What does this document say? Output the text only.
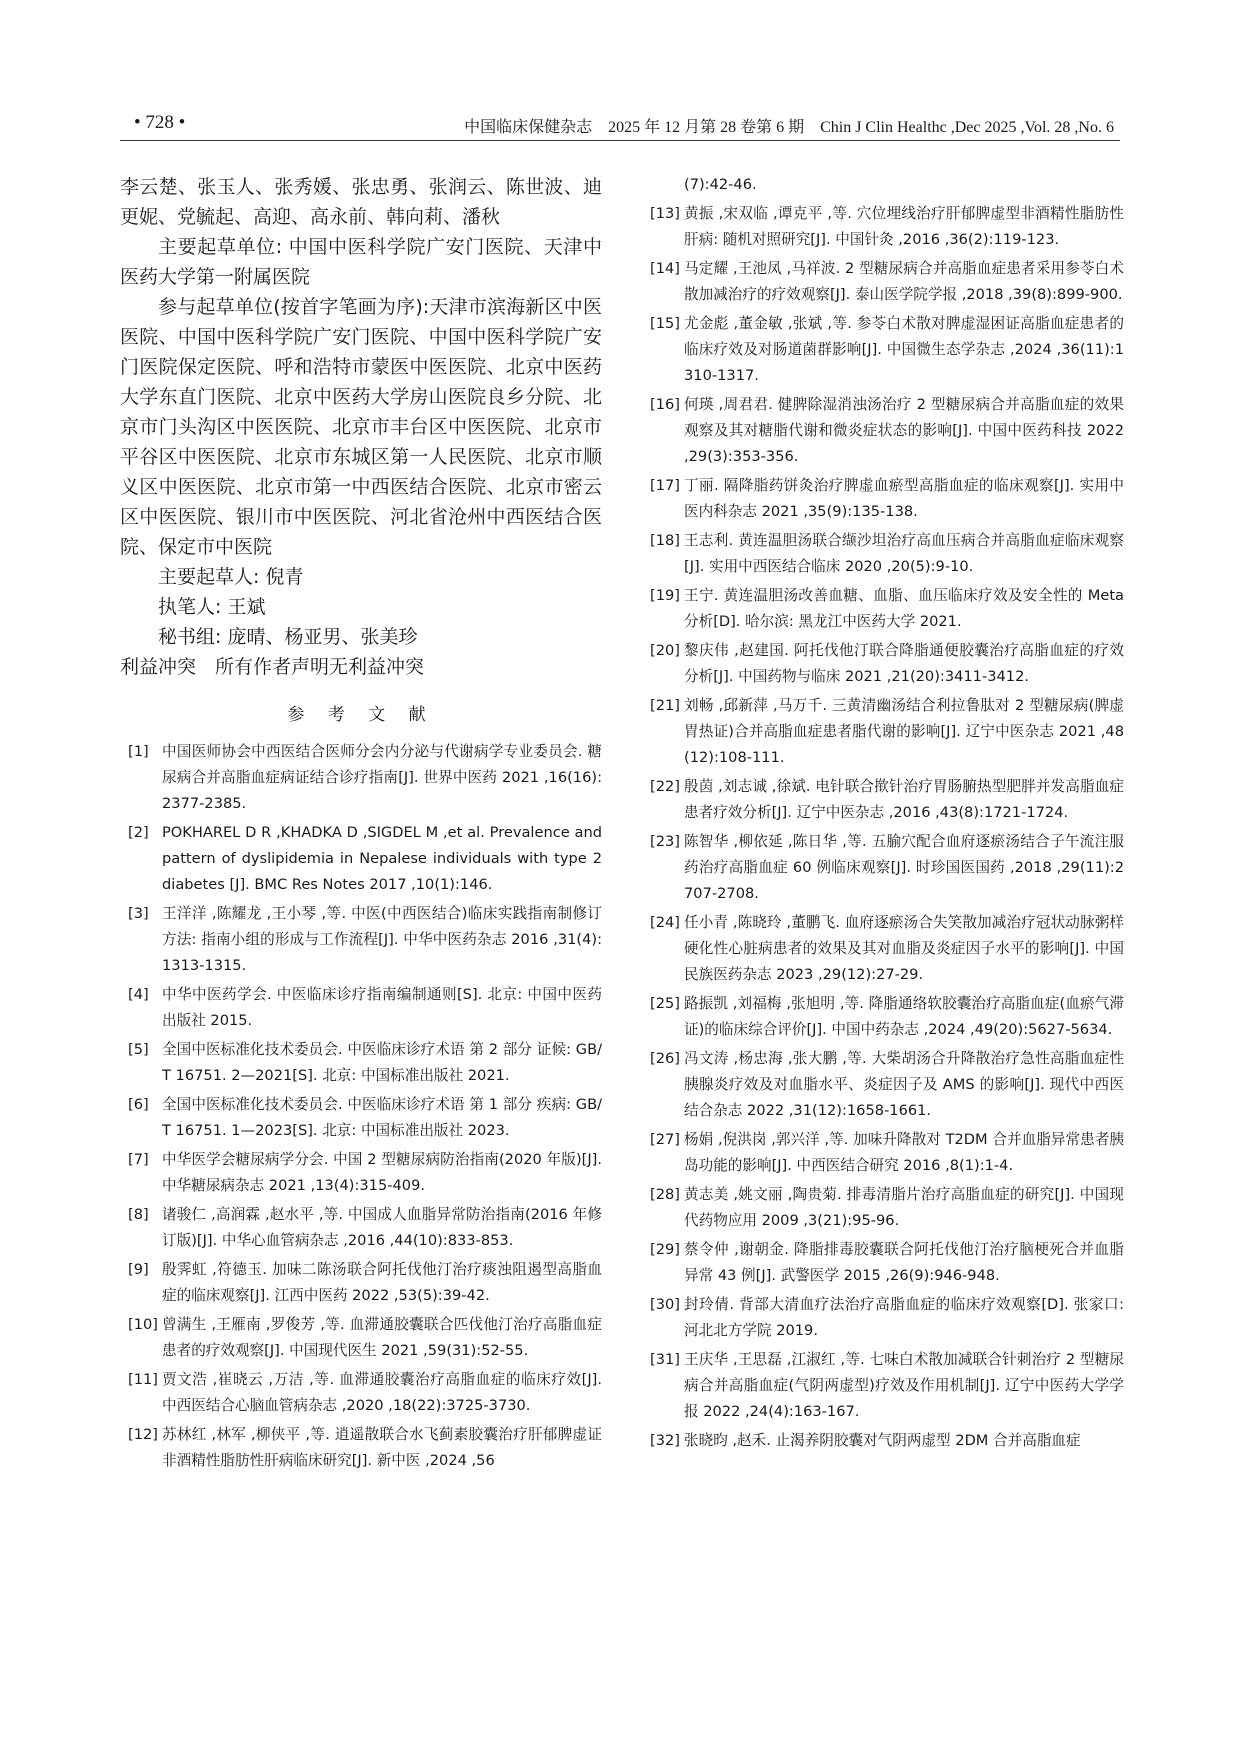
• 728 •	中国临床保健杂志　2025 年 12 月第 28 卷第 6 期　Chin J Clin Healthc ,Dec 2025 ,Vol. 28 ,No. 6

李云楚、张玉人、张秀媛、张忠勇、张润云、陈世波、迪更妮、党毓起、高迎、高永前、韩向莉、潘秋

主要起草单位: 中国中医科学院广安门医院、天津中医药大学第一附属医院

参与起草单位(按首字笔画为序):天津市滨海新区中医医院、中国中医科学院广安门医院、中国中医科学院广安门医院保定医院、呼和浩特市蒙医中医医院、北京中医药大学东直门医院、北京中医药大学房山医院良乡分院、北京市门头沟区中医医院、北京市丰台区中医医院、北京市平谷区中医医院、北京市东城区第一人民医院、北京市顺义区中医医院、北京市第一中西医结合医院、北京市密云区中医医院、银川市中医医院、河北省沧州中西医结合医院、保定市中医院

主要起草人: 倪青

执笔人: 王斌

秘书组: 庞晴、杨亚男、张美珍

利益冲突　所有作者声明无利益冲突

参 考 文 献
[1] 中国医师协会中西医结合医师分会内分泌与代谢病学专业委员会. 糖尿病合并高脂血症病证结合诊疗指南[J]. 世界中医药 2021 ,16(16):2377-2385.
[2] POKHAREL D R ,KHADKA D ,SIGDEL M ,et al. Prevalence and pattern of dyslipidemia in Nepalese individuals with type 2 diabetes [J]. BMC Res Notes 2017 ,10(1):146.
[3] 王洋洋 ,陈耀龙 ,王小琴 ,等. 中医(中西医结合)临床实践指南制修订方法: 指南小组的形成与工作流程[J]. 中华中医药杂志 2016 ,31(4):1313-1315.
[4] 中华中医药学会. 中医临床诊疗指南编制通则[S]. 北京: 中国中医药出版社 2015.
[5] 全国中医标准化技术委员会. 中医临床诊疗术语 第 2 部分 证候: GB/T 16751. 2—2021[S]. 北京: 中国标准出版社 2021.
[6] 全国中医标准化技术委员会. 中医临床诊疗术语 第 1 部分 疾病: GB/T 16751. 1—2023[S]. 北京: 中国标准出版社 2023.
[7] 中华医学会糖尿病学分会. 中国 2 型糖尿病防治指南(2020 年版)[J]. 中华糖尿病杂志 2021 ,13(4):315-409.
[8] 诸骏仁 ,高润霖 ,赵水平 ,等. 中国成人血脂异常防治指南(2016 年修订版)[J]. 中华心血管病杂志 ,2016 ,44(10):833-853.
[9] 殷霁虹 ,符德玉. 加味二陈汤联合阿托伐他汀治疗痰浊阻遏型高脂血症的临床观察[J]. 江西中医药 2022 ,53(5):39-42.
[10] 曾满生 ,王雁南 ,罗俊芳 ,等. 血滞通胶囊联合匹伐他汀治疗高脂血症患者的疗效观察[J]. 中国现代医生 2021 ,59(31):52-55.
[11] 贾文浩 ,崔晓云 ,万洁 ,等. 血滞通胶囊治疗高脂血症的临床疗效[J]. 中西医结合心脑血管病杂志 ,2020 ,18(22):3725-3730.
[12] 苏林红 ,林军 ,柳侠平 ,等. 逍遥散联合水飞蓟素胶囊治疗肝郁脾虚证非酒精性脂肪性肝病临床研究[J]. 新中医 ,2024 ,56
(7):42-46.
[13] 黄振 ,宋双临 ,谭克平 ,等. 穴位埋线治疗肝郁脾虚型非酒精性脂肪性肝病: 随机对照研究[J]. 中国针灸 ,2016 ,36(2):119-123.
[14] 马定耀 ,王池凤 ,马祥波. 2 型糖尿病合并高脂血症患者采用参苓白术散加减治疗的疗效观察[J]. 泰山医学院学报 ,2018 ,39(8):899-900.
[15] 尤金彪 ,董金敏 ,张斌 ,等. 参苓白术散对脾虚湿困证高脂血症患者的临床疗效及对肠道菌群影响[J]. 中国微生态学杂志 ,2024 ,36(11):1310-1317.
[16] 何瑛 ,周君君. 健脾除湿消浊汤治疗 2 型糖尿病合并高脂血症的效果观察及其对糖脂代谢和微炎症状态的影响[J]. 中国中医药科技 2022 ,29(3):353-356.
[17] 丁丽. 隔降脂药饼灸治疗脾虚血瘀型高脂血症的临床观察[J]. 实用中医内科杂志 2021 ,35(9):135-138.
[18] 王志利. 黄连温胆汤联合缬沙坦治疗高血压病合并高脂血症临床观察[J]. 实用中西医结合临床 2020 ,20(5):9-10.
[19] 王宁. 黄连温胆汤改善血糖、血脂、血压临床疗效及安全性的 Meta 分析[D]. 哈尔滨: 黑龙江中医药大学 2021.
[20] 黎庆伟 ,赵建国. 阿托伐他汀联合降脂通便胶囊治疗高脂血症的疗效分析[J]. 中国药物与临床 2021 ,21(20):3411-3412.
[21] 刘畅 ,邱新萍 ,马万千. 三黄清幽汤结合利拉鲁肽对 2 型糖尿病(脾虚胃热证)合并高脂血症患者脂代谢的影响[J]. 辽宁中医杂志 2021 ,48(12):108-111.
[22] 殷茵 ,刘志诚 ,徐斌. 电针联合揿针治疗胃肠腑热型肥胖并发高脂血症患者疗效分析[J]. 辽宁中医杂志 ,2016 ,43(8):1721-1724.
[23] 陈智华 ,柳依延 ,陈日华 ,等. 五腧穴配合血府逐瘀汤结合子午流注服药治疗高脂血症 60 例临床观察[J]. 时珍国医国药 ,2018 ,29(11):2707-2708.
[24] 任小青 ,陈晓玲 ,董鹏飞. 血府逐瘀汤合失笑散加减治疗冠状动脉粥样硬化性心脏病患者的效果及其对血脂及炎症因子水平的影响[J]. 中国民族医药杂志 2023 ,29(12):27-29.
[25] 路振凯 ,刘福梅 ,张旭明 ,等. 降脂通络软胶囊治疗高脂血症(血瘀气滞证)的临床综合评价[J]. 中国中药杂志 ,2024 ,49(20):5627-5634.
[26] 冯文涛 ,杨忠海 ,张大鹏 ,等. 大柴胡汤合升降散治疗急性高脂血症性胰腺炎疗效及对血脂水平、炎症因子及 AMS 的影响[J]. 现代中西医结合杂志 2022 ,31(12):1658-1661.
[27] 杨娟 ,倪洪岗 ,郭兴洋 ,等. 加味升降散对 T2DM 合并血脂异常患者胰岛功能的影响[J]. 中西医结合研究 2016 ,8(1):1-4.
[28] 黄志美 ,姚文丽 ,陶贵菊. 排毒清脂片治疗高脂血症的研究[J]. 中国现代药物应用 2009 ,3(21):95-96.
[29] 蔡令仲 ,谢朝金. 降脂排毒胶囊联合阿托伐他汀治疗脑梗死合并血脂异常 43 例[J]. 武警医学 2015 ,26(9):946-948.
[30] 封玲倩. 背部大清血疗法治疗高脂血症的临床疗效观察[D]. 张家口: 河北北方学院 2019.
[31] 王庆华 ,王思磊 ,江淑红 ,等. 七味白术散加减联合针刺治疗 2 型糖尿病合并高脂血症(气阴两虚型)疗效及作用机制[J]. 辽宁中医药大学学报 2022 ,24(4):163-167.
[32] 张晓昀 ,赵禾. 止渴养阴胶囊对气阴两虚型 2DM 合并高脂血症
